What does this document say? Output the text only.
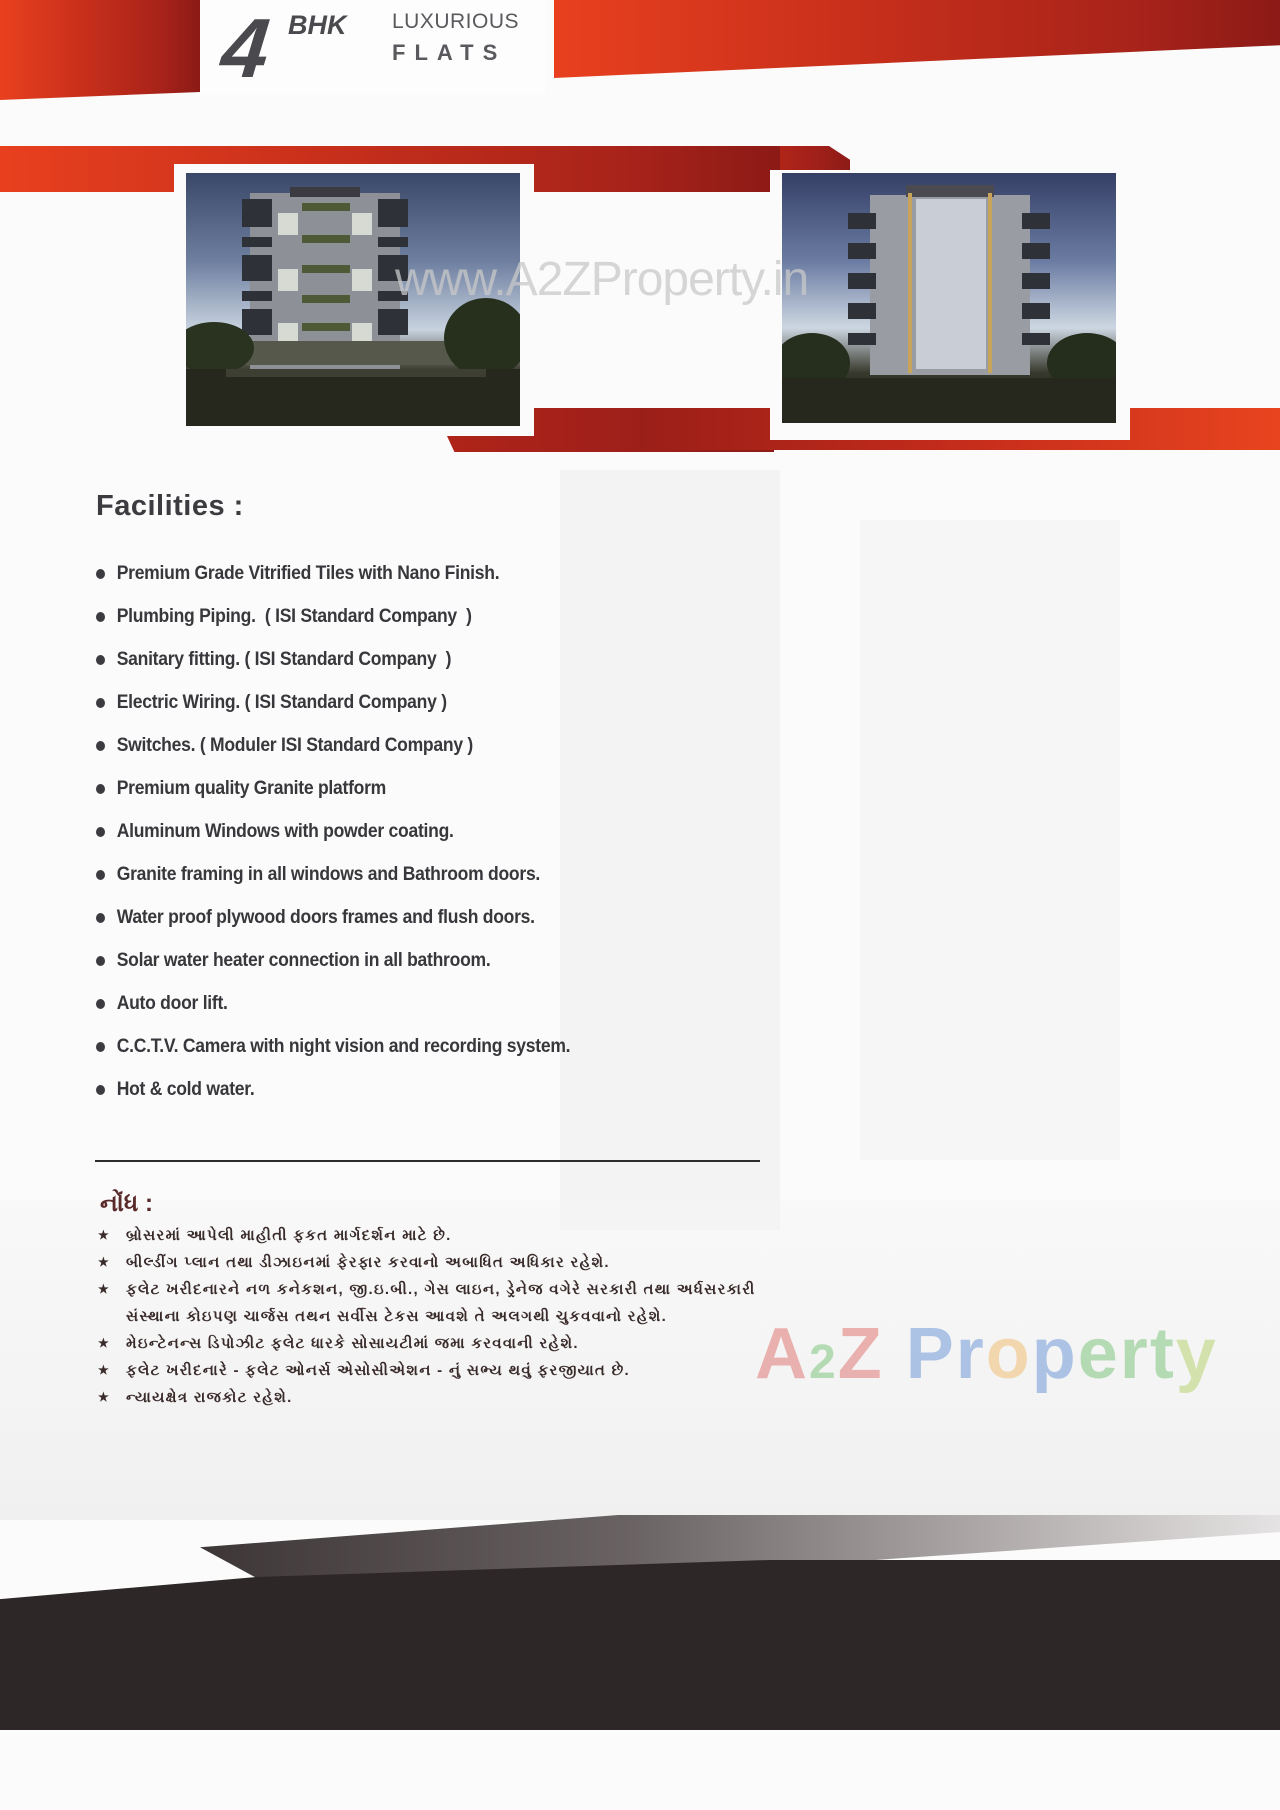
4 BHK LUXURIOUS
FLATS
www.A2ZProperty.in
Facilities :
Premium Grade Vitrified Tiles with Nano Finish.
Plumbing Piping.  ( ISI Standard Company  )
Sanitary fitting. ( ISI Standard Company  )
Electric Wiring. ( ISI Standard Company )
Switches. ( Moduler ISI Standard Company )
Premium quality Granite platform
Aluminum Windows with powder coating.
Granite framing in all windows and Bathroom doors.
Water proof plywood doors frames and flush doors.
Solar water heater connection in all bathroom.
Auto door lift.
C.C.T.V. Camera with night vision and recording system.
Hot & cold water.
નોંધ :
★	બ્રોસરમાં આપેલી માહીતી ફકત માર્ગદર્શન માટે છે.
★	બીલ્ડીંગ પ્લાન તથા ડીઝાઇનમાં ફેરફાર કરવાનો અબાધિત અધિકાર રહેશે.
★	ફલેટ ખરીદનારને નળ કનેકશન, જી.ઇ.બી., ગેસ લાઇન, ડ્રેનેજ વગેરે સરકારી તથા અર્ધસરકારી
સંસ્થાના કોઇપણ ચાર્જસ તથન સર્વીસ ટેકસ આવશે તે અલગથી ચુકવવાનો રહેશે.
★	મેઇન્ટેનન્સ ડિપોઝીટ ફલેટ ધારકે સોસાયટીમાં જમા કરવવાની રહેશે.
★	ફલેટ ખરીદનારે - ફલેટ ઓનર્સ એસોસીએશન - નું સભ્ય થવું ફરજીયાત છે.
★	ન્યાયક્ષેત્ર રાજકોટ રહેશે.
A2Z Property
